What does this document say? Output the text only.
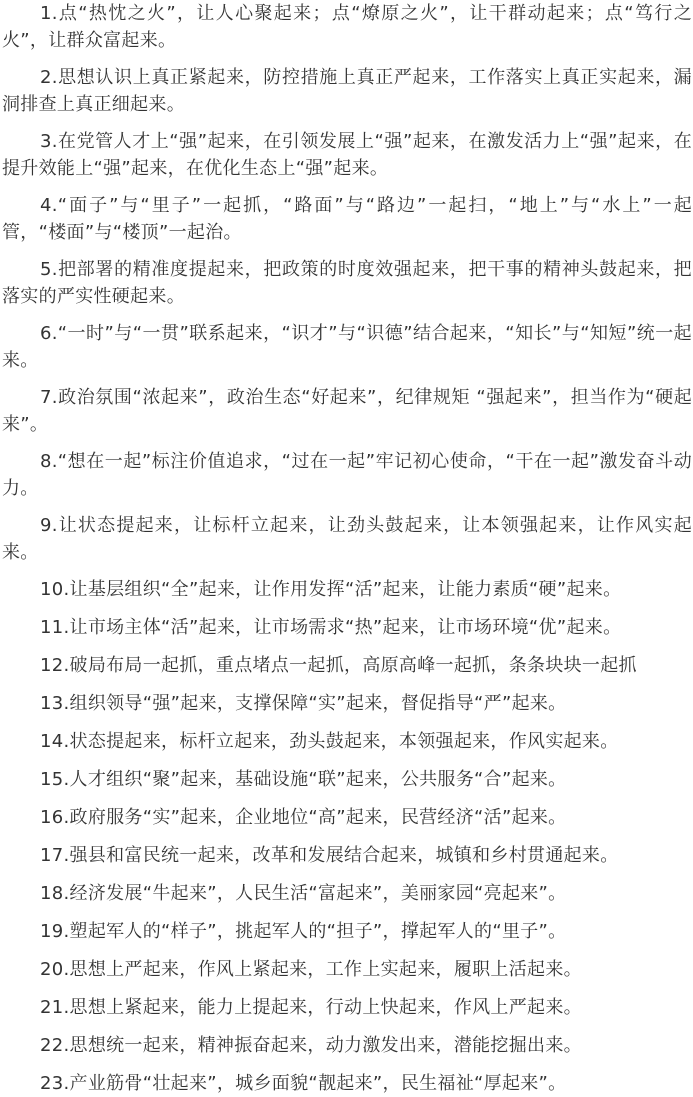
1.点“热忱之火”，让人心聚起来；点“燎原之火”，让干群动起来；点“笃行之火”，让群众富起来。

2.思想认识上真正紧起来，防控措施上真正严起来，工作落实上真正实起来，漏洞排查上真正细起来。

3.在党管人才上“强”起来，在引领发展上“强”起来，在激发活力上“强”起来，在提升效能上“强”起来，在优化生态上“强”起来。

4.“面子”与“里子”一起抓，“路面”与“路边”一起扫，“地上”与“水上”一起管，“楼面”与“楼顶”一起治。

5.把部署的精准度提起来，把政策的时度效强起来，把干事的精神头鼓起来，把落实的严实性硬起来。

6.“一时”与“一贯”联系起来，“识才”与“识德”结合起来，“知长”与“知短”统一起来。

7.政治氛围“浓起来”，政治生态“好起来”，纪律规矩 “强起来”，担当作为“硬起来”。

8.“想在一起”标注价值追求，“过在一起”牢记初心使命，“干在一起”激发奋斗动力。

9.让状态提起来，让标杆立起来，让劲头鼓起来，让本领强起来，让作风实起来。

10.让基层组织“全”起来，让作用发挥“活”起来，让能力素质“硬”起来。

11.让市场主体“活”起来，让市场需求“热”起来，让市场环境“优”起来。

12.破局布局一起抓，重点堵点一起抓，高原高峰一起抓，条条块块一起抓

13.组织领导“强”起来，支撑保障“实”起来，督促指导“严”起来。

14.状态提起来，标杆立起来，劲头鼓起来，本领强起来，作风实起来。

15.人才组织“聚”起来，基础设施“联”起来，公共服务“合”起来。

16.政府服务“实”起来，企业地位“高”起来，民营经济“活”起来。

17.强县和富民统一起来，改革和发展结合起来，城镇和乡村贯通起来。

18.经济发展“牛起来”，人民生活“富起来”，美丽家园“亮起来”。

19.塑起军人的“样子”，挑起军人的“担子”，撑起军人的“里子”。

20.思想上严起来，作风上紧起来，工作上实起来，履职上活起来。

21.思想上紧起来，能力上提起来，行动上快起来，作风上严起来。

22.思想统一起来，精神振奋起来，动力激发出来，潜能挖掘出来。

23.产业筋骨“壮起来”，城乡面貌“靓起来”，民生福祉“厚起来”。
